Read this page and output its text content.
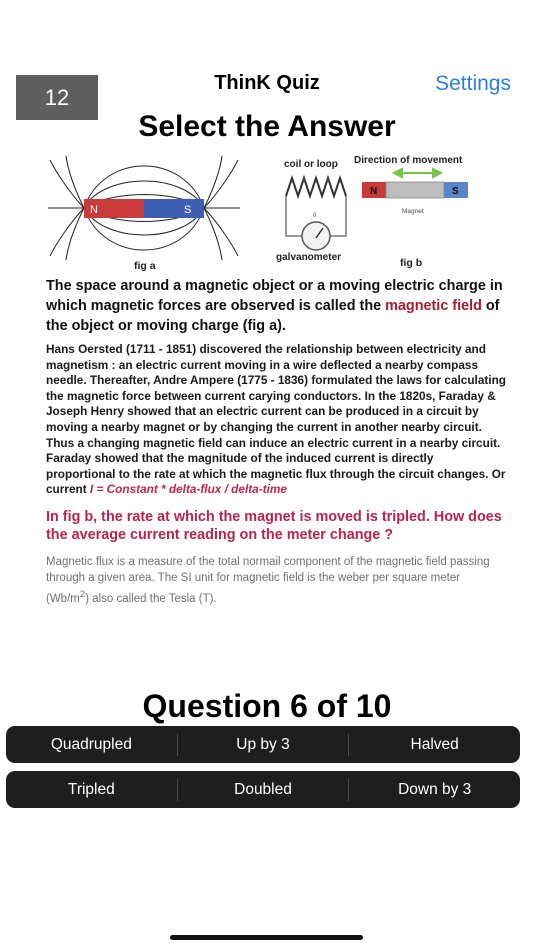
12
ThinK Quiz	Settings
Select the Answer
N	S
fig a
coil or loop Direction of movement
0
galvanometer
N	S
Magnet
fig b

The space around a magnetic object or a moving electric charge in which magnetic forces are observed is called the magnetic field of the object or moving charge (fig a).

Hans Oersted (1711 - 1851) discovered the relationship between electricity and magnetism : an electric current moving in a wire deflected a nearby compass needle. Thereafter, Andre Ampere (1775 - 1836) formulated the laws for calculating the magnetic force between current carying conductors. In the 1820s, Faraday & Joseph Henry showed that an electric current can be produced in a circuit by moving a nearby magnet or by changing the current in another nearby circuit. Thus a changing magnetic field can induce an electric current in a nearby circuit. Faraday showed that the magnitude of the induced current is directly proportional to the rate at which the magnetic flux through the circuit changes. Or current I = Constant * delta-flux / delta-time

In fig b, the rate at which the magnet is moved is tripled. How does the average current reading on the meter change ?

Magnetic flux is a measure of the total normail component of the magnetic field passing through a given area. The SI unit for magnetic field is the weber per square meter $(Wb/m^2)$ also called the Tesla (T).

Question 6 of 10
Quadrupled	Up by 3	Halved
Tripled	Doubled	Down by 3
